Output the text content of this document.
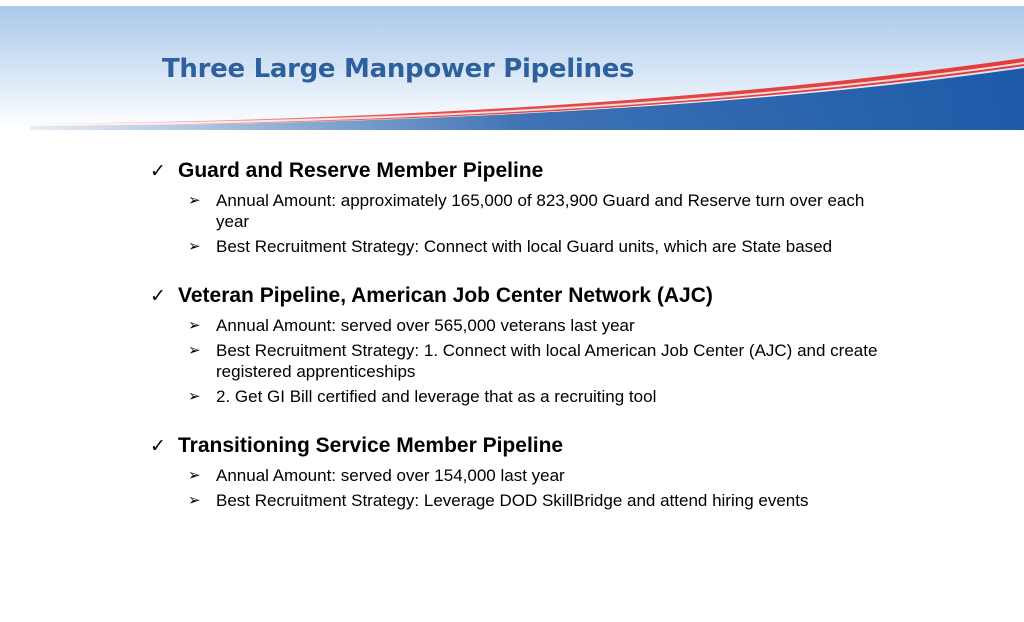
Three Large Manpower Pipelines
✓ Guard and Reserve Member Pipeline
➢ Annual Amount: approximately 165,000 of 823,900 Guard and Reserve turn over each year
➢ Best Recruitment Strategy: Connect with local Guard units, which are State based
✓ Veteran Pipeline, American Job Center Network (AJC)
➢ Annual Amount: served over 565,000 veterans last year
➢ Best Recruitment Strategy: 1. Connect with local American Job Center (AJC) and create registered apprenticeships
➢ 2. Get GI Bill certified and leverage that as a recruiting tool
✓ Transitioning Service Member Pipeline
➢ Annual Amount: served over 154,000 last year
➢ Best Recruitment Strategy: Leverage DOD SkillBridge and attend hiring events
